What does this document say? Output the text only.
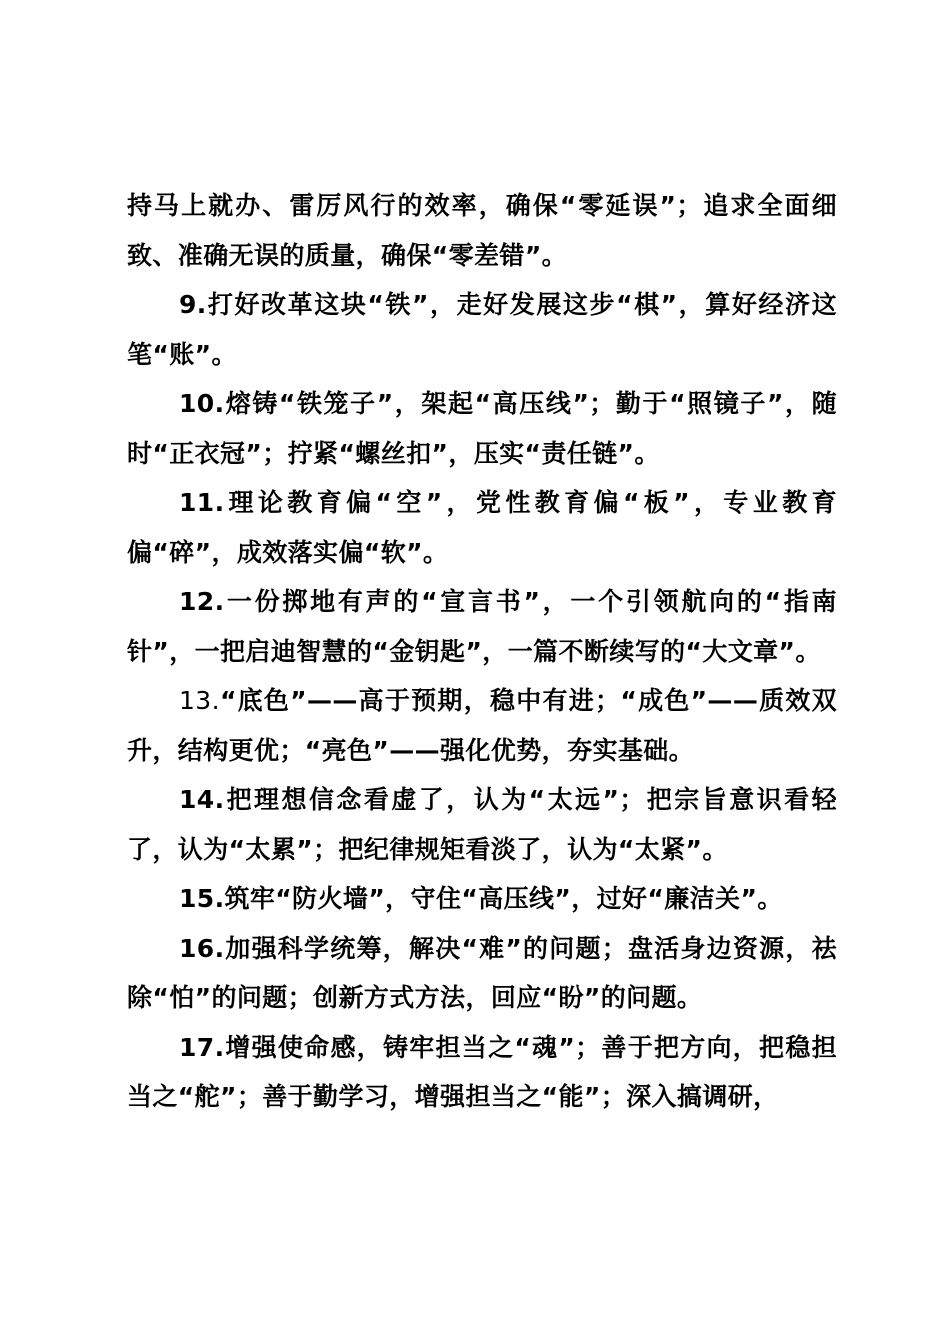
持马上就办、雷厉风行的效率，确保“零延误”；追求全面细致、准确无误的质量，确保“零差错”。

9.打好改革这块“铁”，走好发展这步“棋”，算好经济这笔“账”。

10.熔铸“铁笼子”，架起“高压线”；勤于“照镜子”，随时“正衣冠”；拧紧“螺丝扣”，压实“责任链”。

11.理论教育偏“空”，党性教育偏“板”，专业教育偏“碎”，成效落实偏“软”。

12.一份掷地有声的“宣言书”，一个引领航向的“指南针”，一把启迪智慧的“金钥匙”，一篇不断续写的“大文章”。

13.“底色”——高于预期，稳中有进；“成色”——质效双升，结构更优；“亮色”——强化优势，夯实基础。

14.把理想信念看虚了，认为“太远”；把宗旨意识看轻了，认为“太累”；把纪律规矩看淡了，认为“太紧”。

15.筑牢“防火墙”，守住“高压线”，过好“廉洁关”。

16.加强科学统筹，解决“难”的问题；盘活身边资源，祛除“怕”的问题；创新方式方法，回应“盼”的问题。

17.增强使命感，铸牢担当之“魂”；善于把方向，把稳担当之“舵”；善于勤学习，增强担当之“能”；深入搞调研，
